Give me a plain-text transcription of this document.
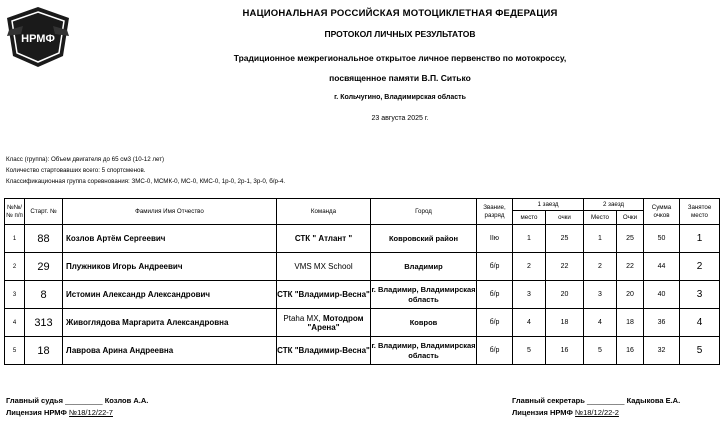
НРМФ
НАЦИОНАЛЬНАЯ РОССИЙСКАЯ МОТОЦИКЛЕТНАЯ ФЕДЕРАЦИЯ
ПРОТОКОЛ ЛИЧНЫХ РЕЗУЛЬТАТОВ
Традиционное межрегиональное открытое личное первенство по мотокроссу,
посвященное памяти В.П. Ситько
г. Кольчугино, Владимирская область
23 августа 2025 г.
Класс (группа): Объем двигателя до 65 см3 (10-12 лет)
Количество стартовавших всего: 5 спортсменов.
Классификационная группа соревнования: ЗМС-0, МСМК-0, МС-0, КМС-0, 1р-0, 2р-1, 3р-0, б/р-4.
№№/№ п/п	Старт. №	Фамилия Имя Отчество	Команда	Город	Звание, разряд	1 заезд		2 заезд		Сумма очков	Занятое место
						место	очки	Место	Очки		
1	88	Козлов Артём Сергеевич	СТК " Атлант "	Ковровский район	IIю	1	25	1	25	50	1
2	29	Плужников Игорь Андреевич	VMS MX School	Владимир	б/р	2	22	2	22	44	2
3	8	Истомин Александр Александрович	СТК "Владимир-Весна"	г. Владимир, Владимирская область	б/р	3	20	3	20	40	3
4	313	Живоглядова Маргарита Александровна	Ptaha MX, Мотодром "Арена"	Ковров	б/р	4	18	4	18	36	4
5	18	Лаврова Арина Андреевна	СТК "Владимир-Весна"	г. Владимир, Владимирская область	б/р	5	16	5	16	32	5
Главный судья _________ Козлов А.А.
Лицензия НРМФ №18/12/22-7
Главный секретарь _________ Кадыкова Е.А.
Лицензия НРМФ №18/12/22-2
